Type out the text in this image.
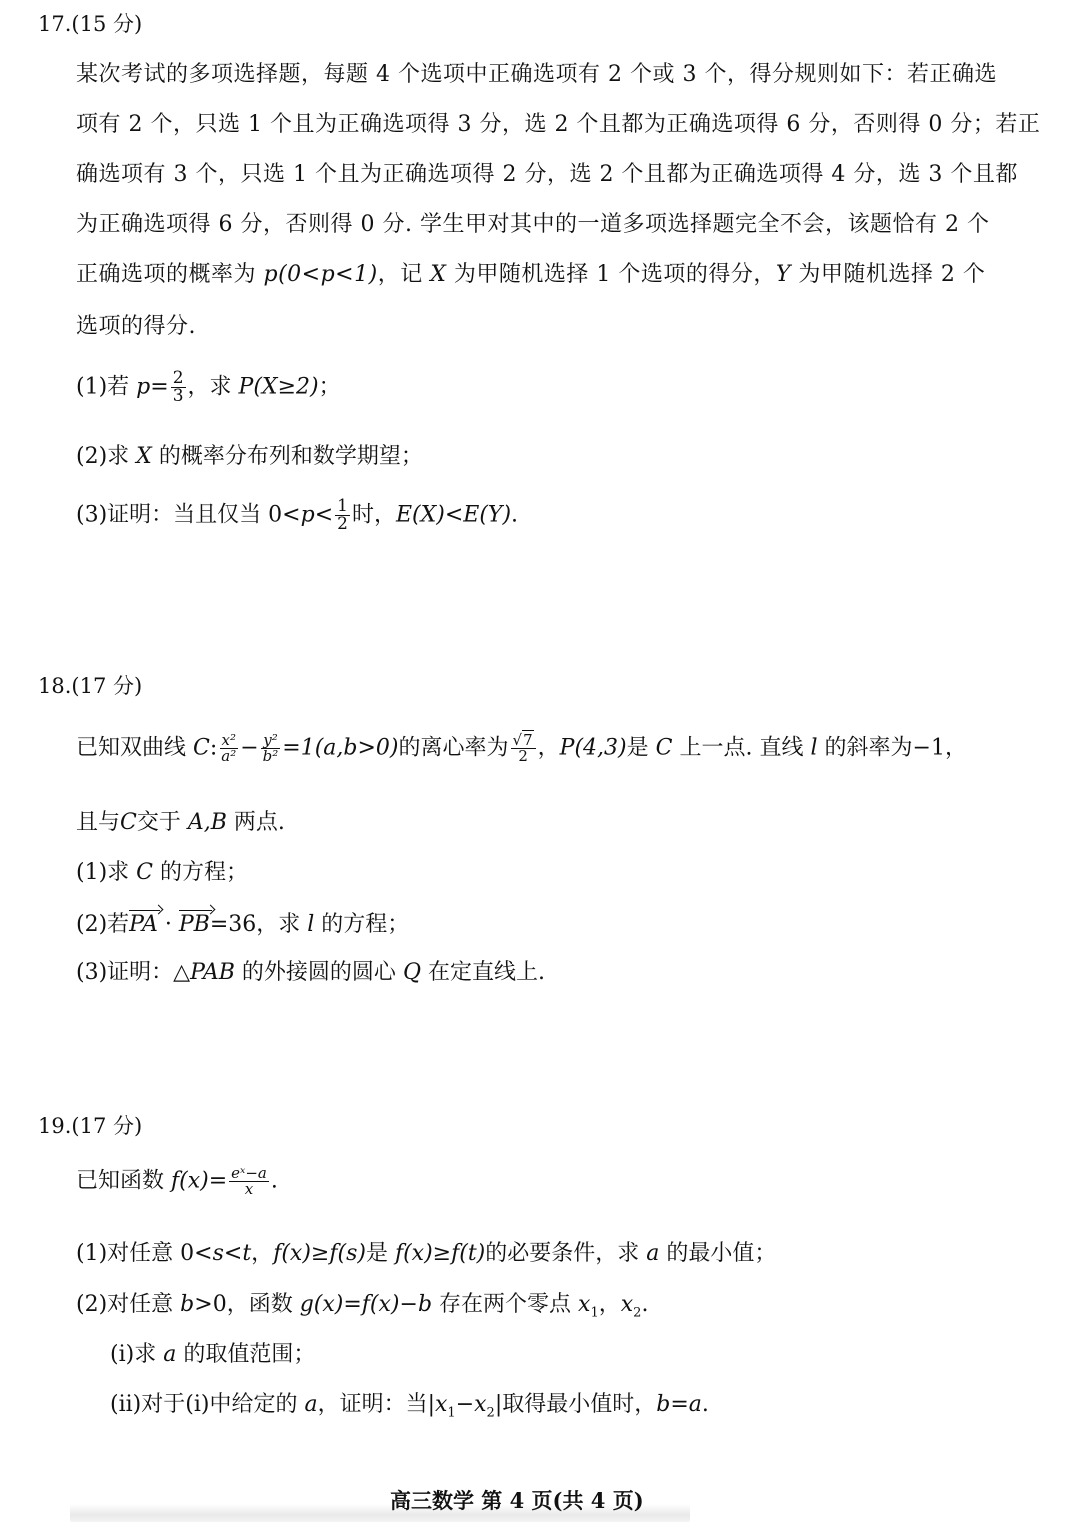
17.(15 分)
某次考试的多项选择题，每题 4 个选项中正确选项有 2 个或 3 个，得分规则如下：若正确选
项有 2 个，只选 1 个且为正确选项得 3 分，选 2 个且都为正确选项得 6 分，否则得 0 分；若正
确选项有 3 个，只选 1 个且为正确选项得 2 分，选 2 个且都为正确选项得 4 分，选 3 个且都
为正确选项得 6 分，否则得 0 分. 学生甲对其中的一道多项选择题完全不会，该题恰有 2 个
正确选项的概率为 p(0<p<1)，记 X 为甲随机选择 1 个选项的得分，Y 为甲随机选择 2 个
选项的得分.
(1)若 $p= \frac{2}{3}$ ，求 P(X≥2)；
(2)求 X 的概率分布列和数学期望；
(3)证明：当且仅当 $0<p< \frac{1}{2}$ 时，E(X)<E(Y).
18.(17 分)
已知双曲线 C: $\frac{\text{x²}}{\text{a²}} - \frac{\text{y²}}{\text{b²}} =1(a,b>0)$的离心率为 $\frac{√7}{2}$ ，P(4,3)是 C 上一点. 直线 l 的斜率为−1，
且与C交于 A,B 两点.
(1)求 C 的方程；
(2)若PA · PB=36，求 l 的方程；
(3)证明：△PAB 的外接圆的圆心 Q 在定直线上.
19.(17 分)
已知函数 $f(x)= \frac{\text{eˣ−a}}{x}$ .
(1)对任意 0<s<t，f(x)≥f(s)是 f(x)≥f(t)的必要条件，求 a 的最小值；
(2)对任意 b>0，函数 g(x)=f(x)−b 存在两个零点 $x_1$，$x_2$.
(i)求 a 的取值范围；
(ii)对于(i)中给定的 a，证明：当$|x_1-x_2|$取得最小值时，b=a.
高三数学 第 4 页(共 4 页)
